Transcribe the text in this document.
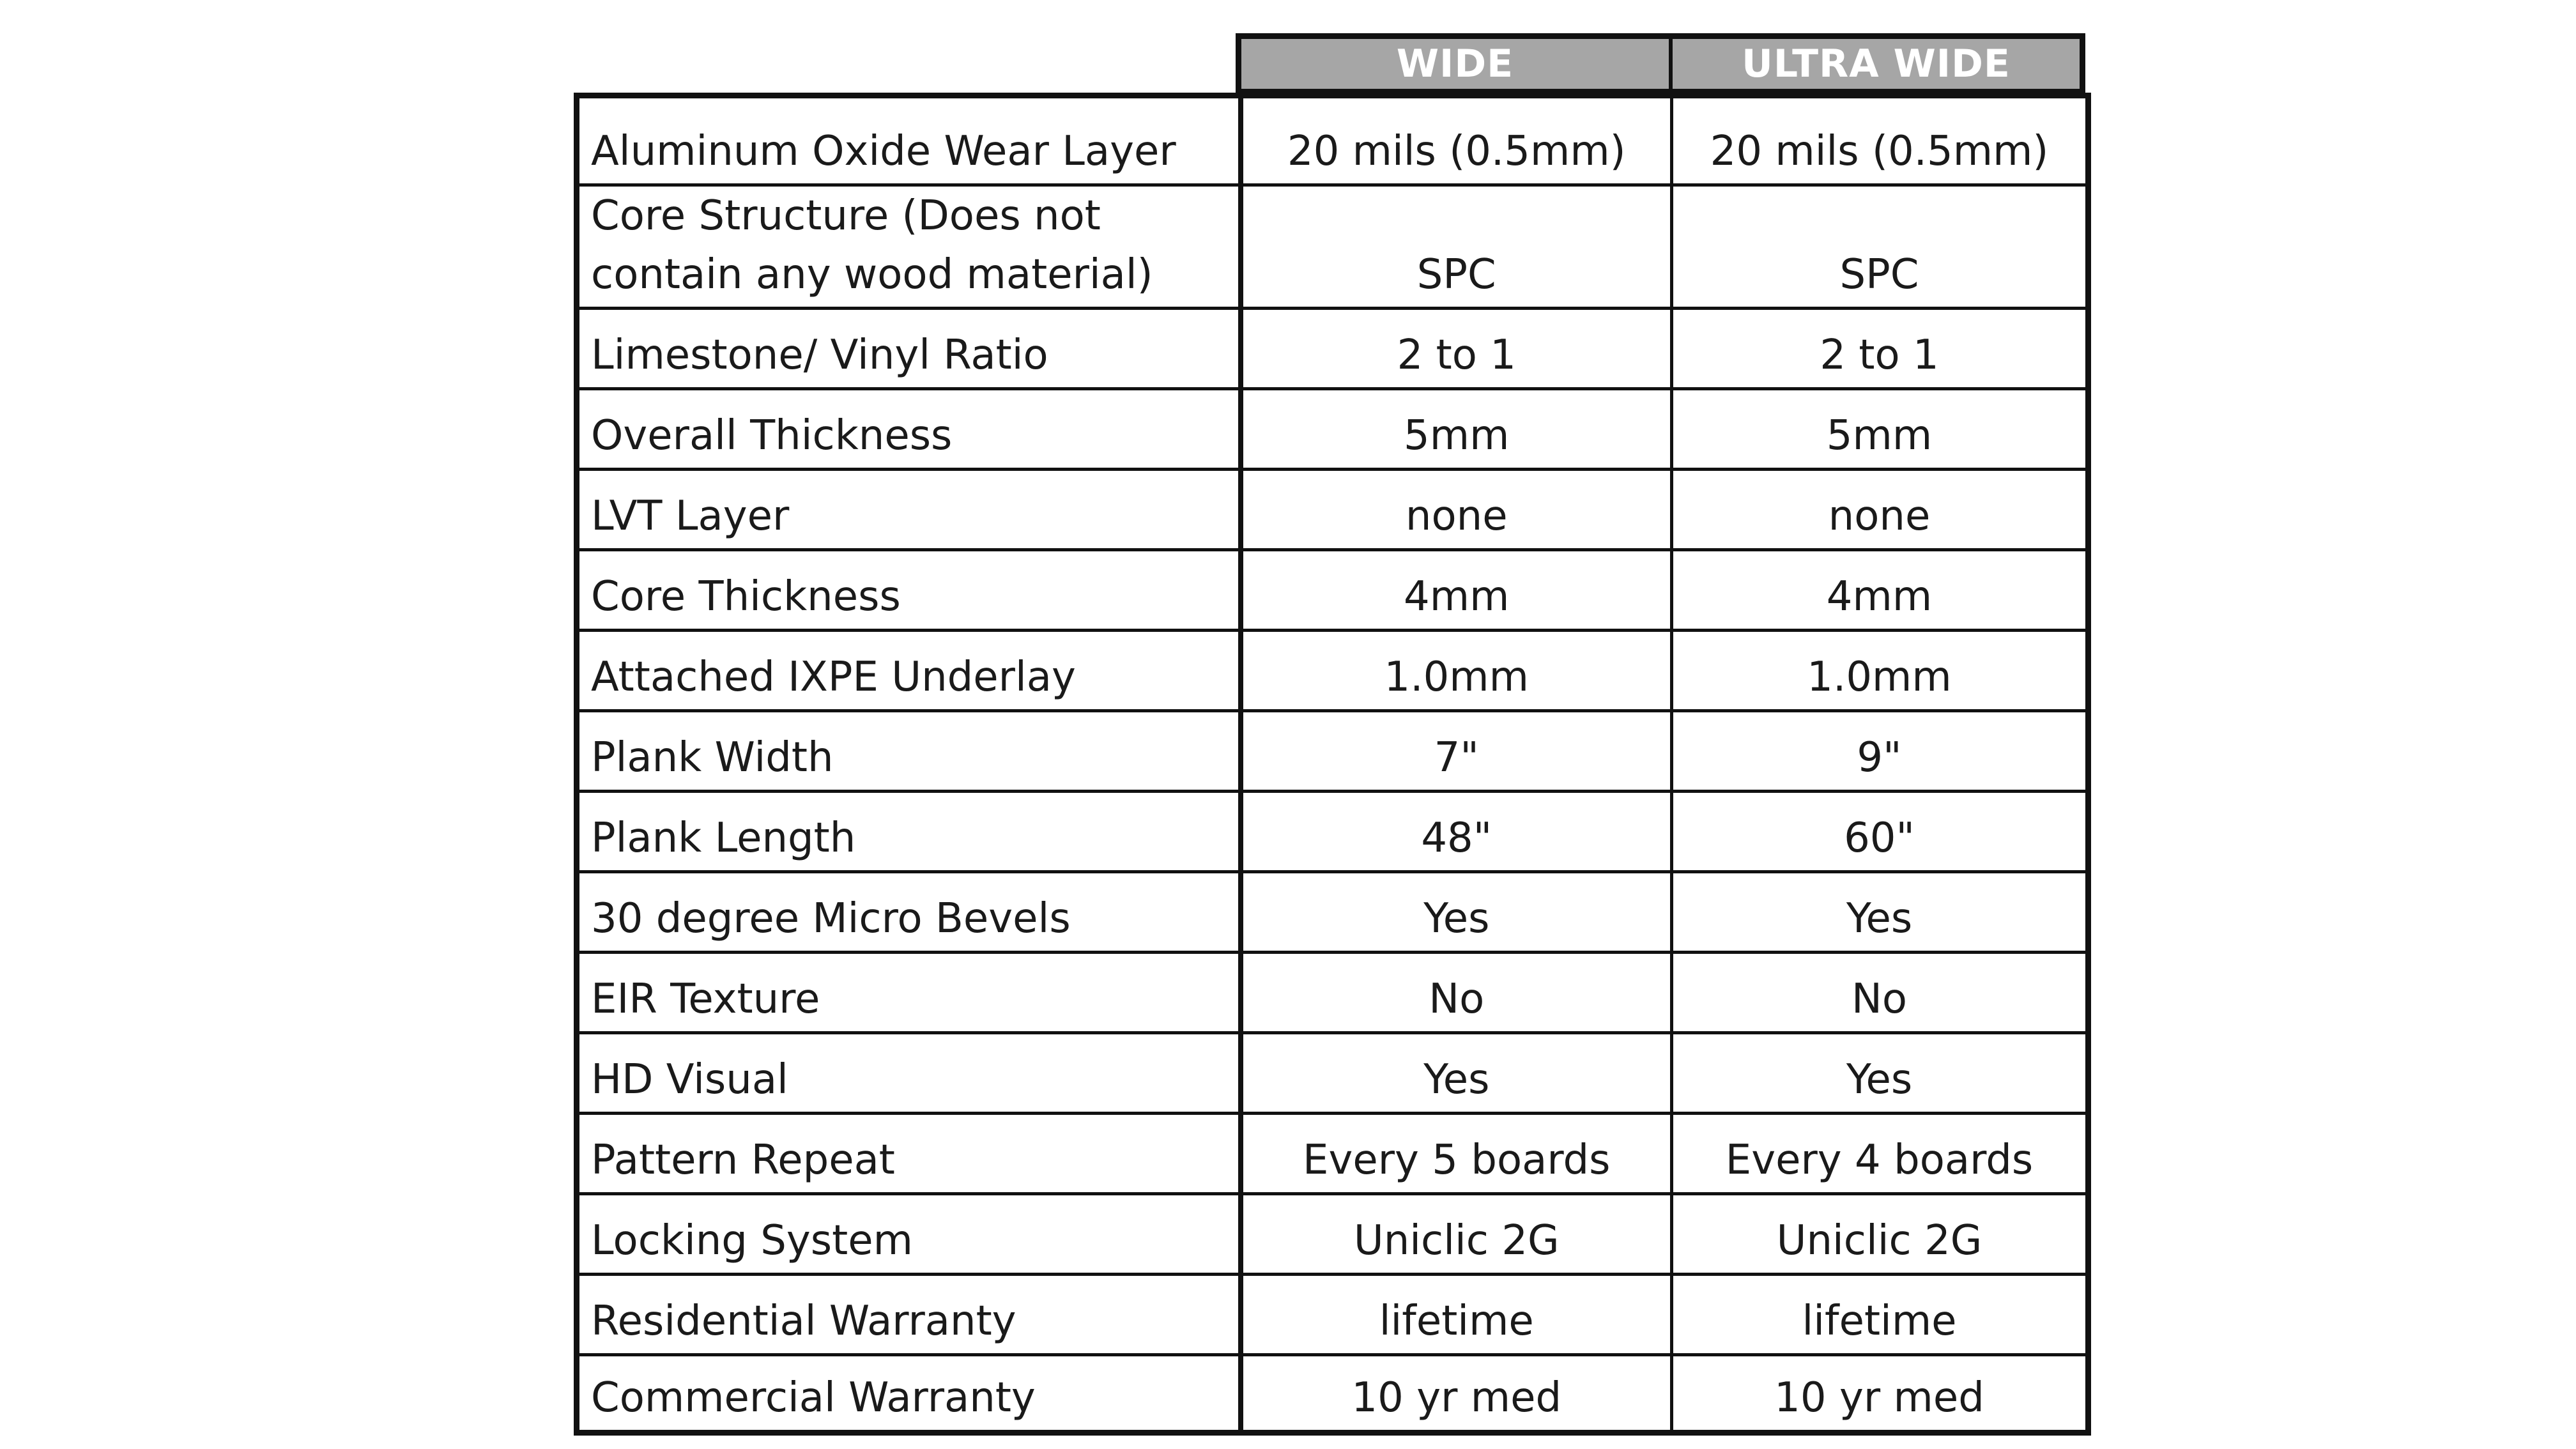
WIDE	ULTRA WIDE
Aluminum Oxide Wear Layer	20 mils (0.5mm)	20 mils (0.5mm)
Core Structure (Does not contain any wood material)	SPC	SPC
Limestone/ Vinyl Ratio	2 to 1	2 to 1
Overall Thickness	5mm	5mm
LVT Layer	none	none
Core Thickness	4mm	4mm
Attached IXPE Underlay	1.0mm	1.0mm
Plank Width	7"	9"
Plank Length	48"	60"
30 degree Micro Bevels	Yes	Yes
EIR Texture	No	No
HD Visual	Yes	Yes
Pattern Repeat	Every 5 boards	Every 4 boards
Locking System	Uniclic 2G	Uniclic 2G
Residential Warranty	lifetime	lifetime
Commercial Warranty	10 yr med	10 yr med
